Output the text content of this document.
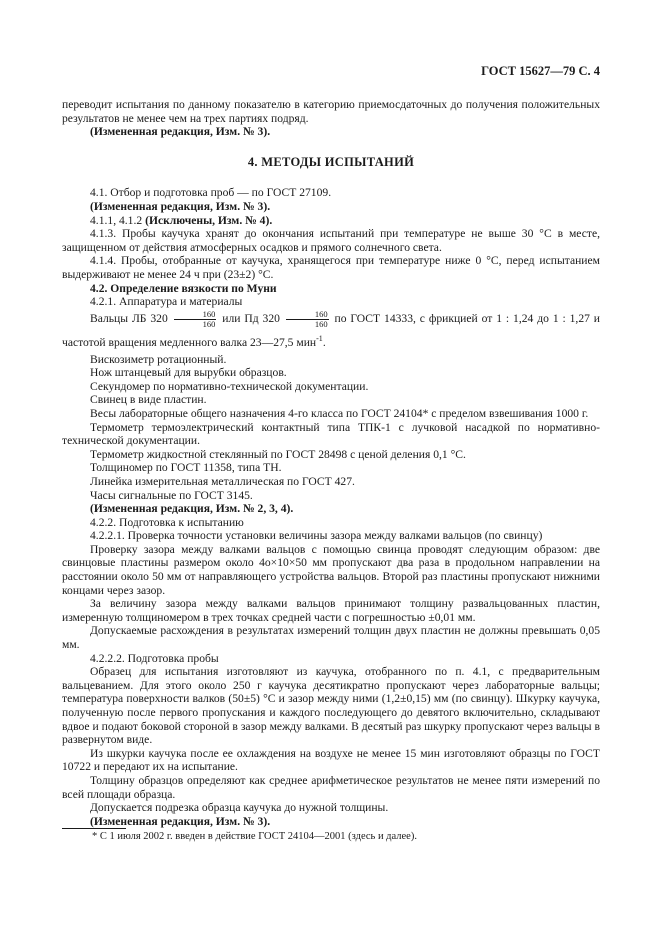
ГОСТ 15627—79 С. 4

переводит испытания по данному показателю в категорию приемосдаточных до получения положительных результатов не менее чем на трех партиях подряд.

(Измененная редакция, Изм. № 3).

4. МЕТОДЫ ИСПЫТАНИЙ

4.1. Отбор и подготовка проб — по ГОСТ 27109.

(Измененная редакция, Изм. № 3).

4.1.1, 4.1.2 (Исключены, Изм. № 4).

4.1.3. Пробы каучука хранят до окончания испытаний при температуре не выше 30 °С в месте, защищенном от действия атмосферных осадков и прямого солнечного света.

4.1.4. Пробы, отобранные от каучука, хранящегося при температуре ниже 0 °С, перед испытанием выдерживают не менее 24 ч при (23±2) °С.

4.2. Определение вязкости по Муни

4.2.1. Аппаратура и материалы

Вальцы ЛБ $320 \frac{160}{160}$ или Пд $320 \frac{160}{160}$ по ГОСТ 14333, с фрикцией от 1 : 1,24 до 1 : 1,27 и частотой вращения медленного валка 23—27,5 мин$^{-1}$.

Вискозиметр ротационный.

Нож штанцевый для вырубки образцов.

Секундомер по нормативно-технической документации.

Свинец в виде пластин.

Весы лабораторные общего назначения 4-го класса по ГОСТ 24104* с пределом взвешивания 1000 г.

Термометр термоэлектрический контактный типа ТПК-1 с лучковой насадкой по нормативно-технической документации.

Термометр жидкостной стеклянный по ГОСТ 28498 с ценой деления 0,1 °С.

Толщиномер по ГОСТ 11358, типа ТН.

Линейка измерительная металлическая по ГОСТ 427.

Часы сигнальные по ГОСТ 3145.

(Измененная редакция, Изм. № 2, 3, 4).

4.2.2. Подготовка к испытанию

4.2.2.1. Проверка точности установки величины зазора между валками вальцов (по свинцу)

Проверку зазора между валками вальцов с помощью свинца проводят следующим образом: две свинцовые пластины размером около 4о×10×50 мм пропускают два раза в продольном направлении на расстоянии около 50 мм от направляющего устройства вальцов. Второй раз пластины пропускают нижними концами через зазор.

За величину зазора между валками вальцов принимают толщину развальцованных пластин, измеренную толщиномером в трех точках средней части с погрешностью ±0,01 мм.

Допускаемые расхождения в результатах измерений толщин двух пластин не должны превышать 0,05 мм.

4.2.2.2. Подготовка пробы

Образец для испытания изготовляют из каучука, отобранного по п. 4.1, с предварительным вальцеванием. Для этого около 250 г каучука десятикратно пропускают через лабораторные вальцы; температура поверхности валков (50±5) °С и зазор между ними (1,2±0,15) мм (по свинцу). Шкурку каучука, полученную после первого пропускания и каждого последующего до девятого включительно, складывают вдвое и подают боковой стороной в зазор между валками. В десятый раз шкурку пропускают через вальцы в развернутом виде.

Из шкурки каучука после ее охлаждения на воздухе не менее 15 мин изготовляют образцы по ГОСТ 10722 и передают их на испытание.

Толщину образцов определяют как среднее арифметическое результатов не менее пяти измерений по всей площади образца.

Допускается подрезка образца каучука до нужной толщины.

(Измененная редакция, Изм. № 3).

* С 1 июля 2002 г. введен в действие ГОСТ 24104—2001 (здесь и далее).
